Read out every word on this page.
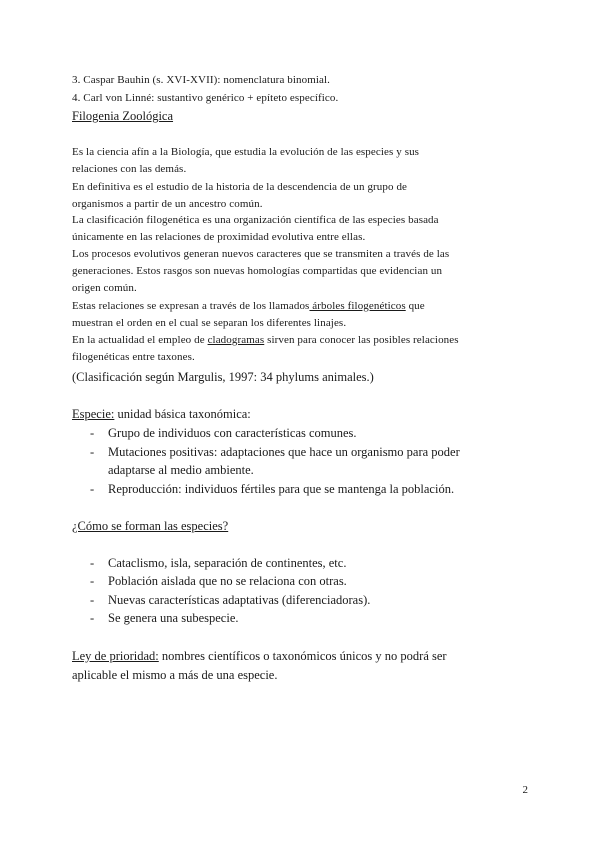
3. Caspar Bauhin (s. XVI-XVII): nomenclatura binomial.
4. Carl von Linné: sustantivo genérico + epíteto específico.
Filogenia Zoológica
Es la ciencia afín a la Biología, que estudia la evolución de las especies y sus
relaciones con las demás.
En definitiva es el estudio de la historia de la descendencia de un grupo de
organismos a partir de un ancestro común.
La clasificación filogenética es una organización científica de las especies basada
únicamente en las relaciones de proximidad evolutiva entre ellas.
Los procesos evolutivos generan nuevos caracteres que se transmiten a través de las
generaciones. Estos rasgos son nuevas homologías compartidas que evidencian un
origen común.
Estas relaciones se expresan a través de los llamados árboles filogenéticos que
muestran el orden en el cual se separan los diferentes linajes.
En la actualidad el empleo de cladogramas sirven para conocer las posibles relaciones
filogenéticas entre taxones.
(Clasificación según Margulis, 1997: 34 phylums animales.)
Especie: unidad básica taxonómica:
- Grupo de individuos con características comunes.
- Mutaciones positivas: adaptaciones que hace un organismo para poder
adaptarse al medio ambiente.
- Reproducción: individuos fértiles para que se mantenga la población.
¿Cómo se forman las especies?
- Cataclismo, isla, separación de continentes, etc.
- Población aislada que no se relaciona con otras.
- Nuevas características adaptativas (diferenciadoras).
- Se genera una subespecie.
Ley de prioridad: nombres científicos o taxonómicos únicos y no podrá ser
aplicable el mismo a más de una especie.
2
